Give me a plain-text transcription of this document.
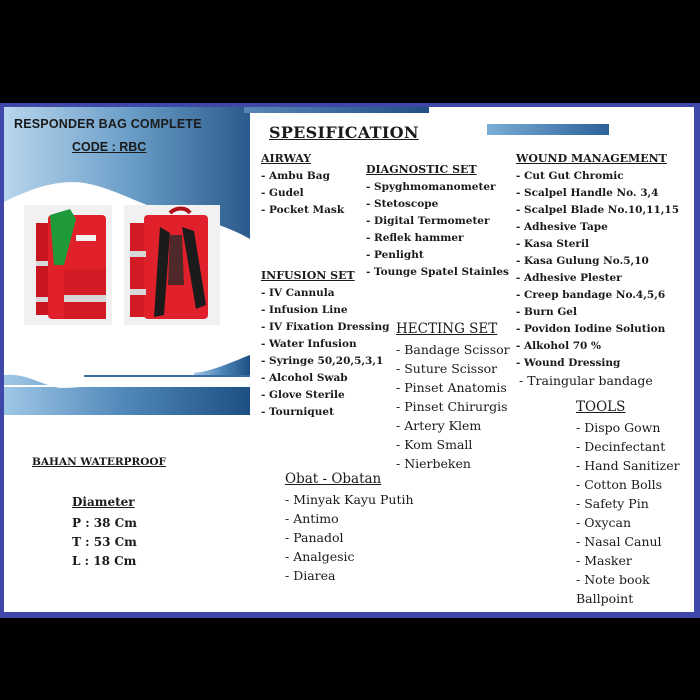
RESPONDER BAG COMPLETE
CODE : RBC
SPESIFICATION
AIRWAY
- Ambu Bag
- Gudel
- Pocket Mask
DIAGNOSTIC SET
- Spyghmomanometer
- Stetoscope
- Digital Termometer
- Reflek hammer
- Penlight
- Tounge Spatel Stainles
INFUSION SET
- IV Cannula
- Infusion Line
- IV Fixation Dressing
- Water Infusion
- Syringe 50,20,5,3,1
- Alcohol Swab
- Glove Sterile
- Tourniquet
HECTING SET
- Bandage Scissor
- Suture Scissor
- Pinset Anatomis
- Pinset Chirurgis
- Artery Klem
- Kom Small
- Nierbeken
WOUND MANAGEMENT
- Cut Gut Chromic
- Scalpel Handle No. 3,4
- Scalpel Blade No.10,11,15
- Adhesive Tape
- Kasa Steril
- Kasa Gulung No.5,10
- Adhesive Plester
- Creep bandage No.4,5,6
- Burn Gel
- Povidon Iodine Solution
- Alkohol 70 %
- Wound Dressing
- Traingular bandage
TOOLS
- Dispo Gown
- Decinfectant
- Hand Sanitizer
- Cotton Bolls
- Safety Pin
- Oxycan
- Nasal Canul
- Masker
- Note book
Ballpoint
Obat - Obatan
- Minyak Kayu Putih
- Antimo
- Panadol
- Analgesic
- Diarea
BAHAN WATERPROOF
Diameter
P : 38 Cm
T : 53 Cm
L : 18 Cm
